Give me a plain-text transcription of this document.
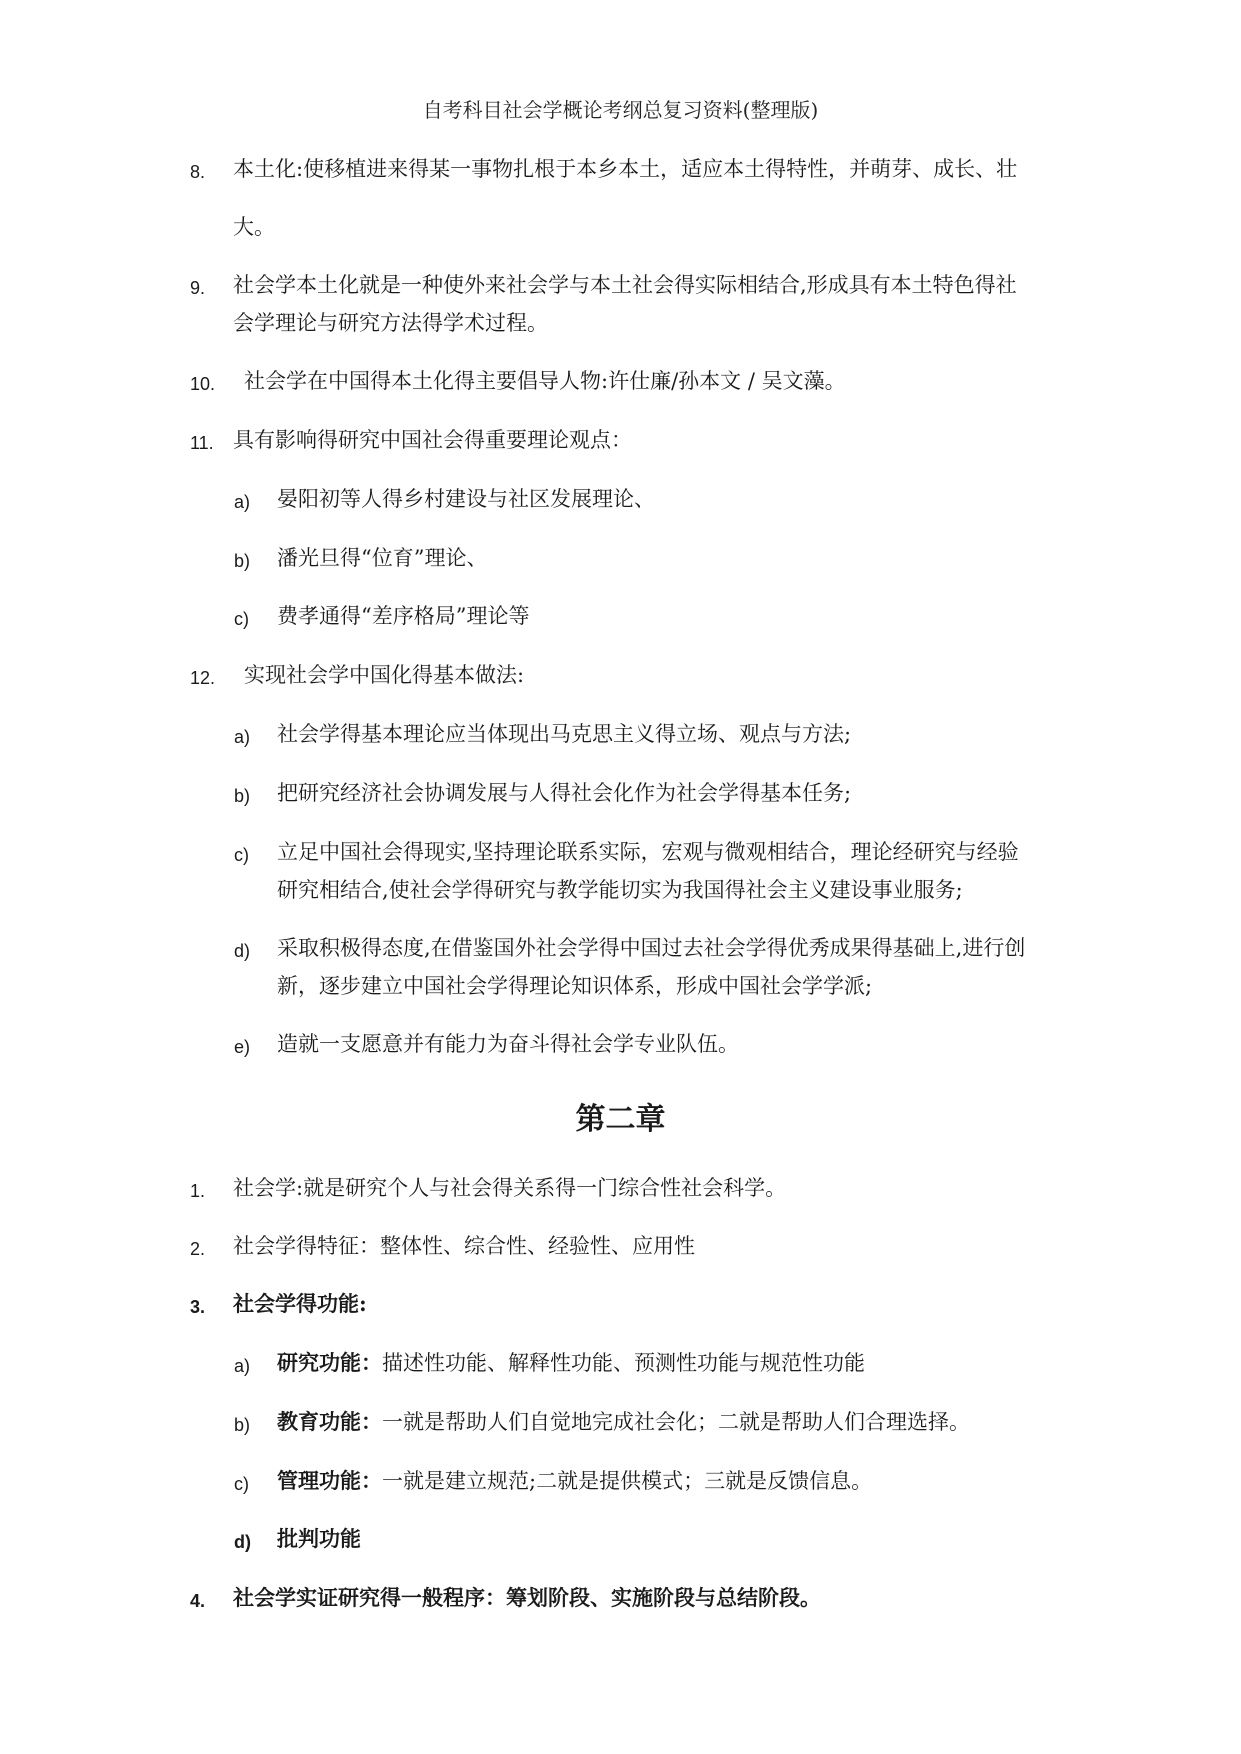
自考科目社会学概论考纲总复习资料(整理版)
8.	本土化:使移植进来得某一事物扎根于本乡本土，适应本土得特性，并萌芽、成长、壮
大。
9.	社会学本土化就是一种使外来社会学与本土社会得实际相结合,形成具有本土特色得社
会学理论与研究方法得学术过程。
10.	社会学在中国得本土化得主要倡导人物:许仕廉/孙本文 / 吴文藻。
11. 具有影响得研究中国社会得重要理论观点：
a)	晏阳初等人得乡村建设与社区发展理论、
b)	潘光旦得“位育”理论、
c)	费孝通得“差序格局”理论等
12.	实现社会学中国化得基本做法:
a)	社会学得基本理论应当体现出马克思主义得立场、观点与方法;
b)	把研究经济社会协调发展与人得社会化作为社会学得基本任务;
c)	立足中国社会得现实,坚持理论联系实际，宏观与微观相结合，理论经研究与经验
研究相结合,使社会学得研究与教学能切实为我国得社会主义建设事业服务;
d)	采取积极得态度,在借鉴国外社会学得中国过去社会学得优秀成果得基础上,进行创
新，逐步建立中国社会学得理论知识体系，形成中国社会学学派;
e)	造就一支愿意并有能力为奋斗得社会学专业队伍。
第二章
1.	社会学:就是研究个人与社会得关系得一门综合性社会科学。
2.	社会学得特征：整体性、综合性、经验性、应用性
3.	社会学得功能:
a)	研究功能：描述性功能、解释性功能、预测性功能与规范性功能
b)	教育功能：一就是帮助人们自觉地完成社会化；二就是帮助人们合理选择。
c)	管理功能：一就是建立规范;二就是提供模式；三就是反馈信息。
d)	批判功能
4.	社会学实证研究得一般程序：筹划阶段、实施阶段与总结阶段。
